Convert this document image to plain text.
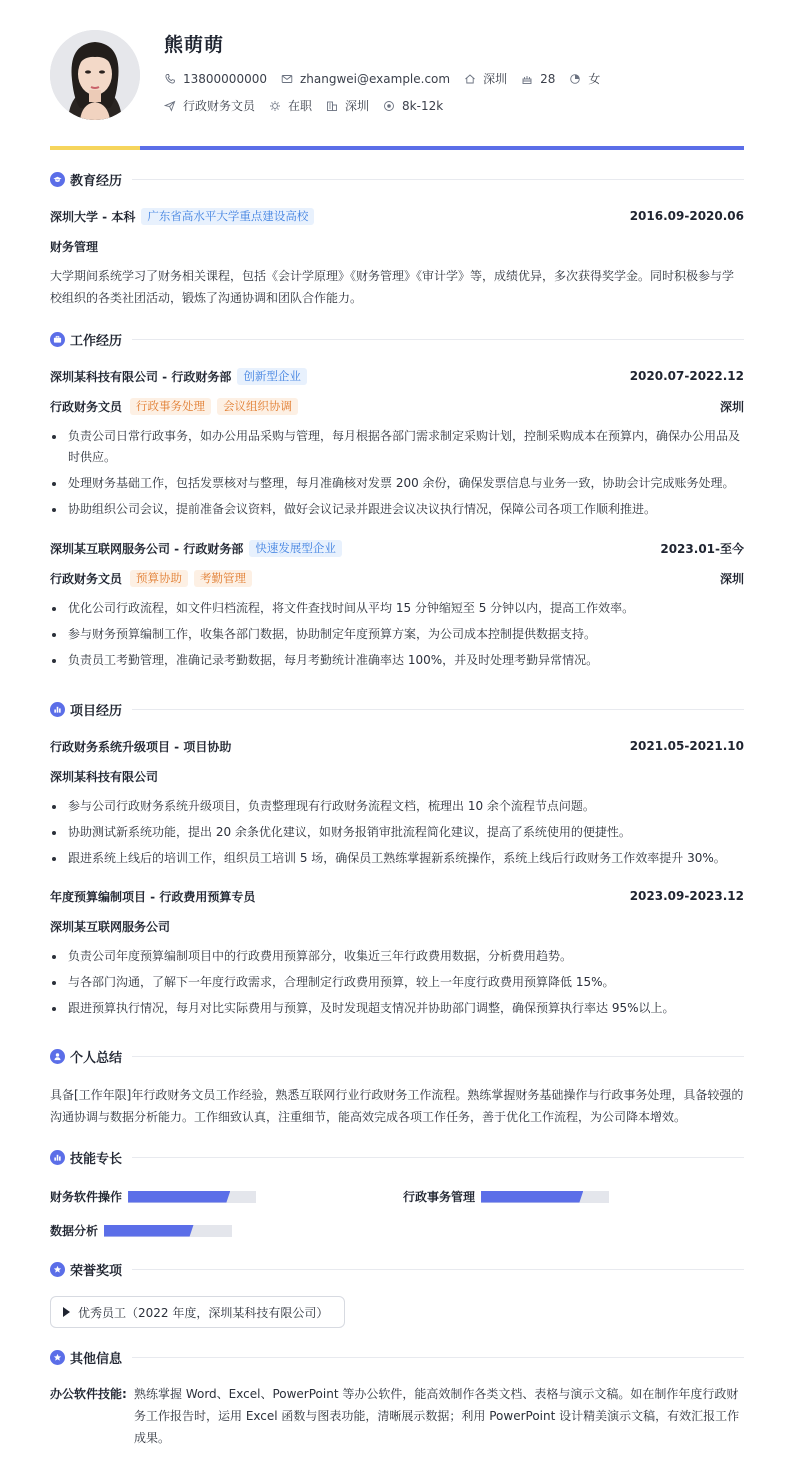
熊萌萌
13800000000	zhangwei@example.com	深圳	28	女
行政财务文员	在职	深圳	8k-12k
教育经历
深圳大学 - 本科	广东省高水平大学重点建设高校	2016.09-2020.06
财务管理
大学期间系统学习了财务相关课程，包括《会计学原理》《财务管理》《审计学》等，成绩优异，多次获得奖学金。同时积极参与学校组织的各类社团活动，锻炼了沟通协调和团队合作能力。
工作经历
深圳某科技有限公司 - 行政财务部	创新型企业	2020.07-2022.12
行政财务文员	行政事务处理	会议组织协调	深圳
负责公司日常行政事务，如办公用品采购与管理，每月根据各部门需求制定采购计划，控制采购成本在预算内，确保办公用品及时供应。
处理财务基础工作，包括发票核对与整理，每月准确核对发票 200 余份，确保发票信息与业务一致，协助会计完成账务处理。
协助组织公司会议，提前准备会议资料，做好会议记录并跟进会议决议执行情况，保障公司各项工作顺利推进。
深圳某互联网服务公司 - 行政财务部	快速发展型企业	2023.01-至今
行政财务文员	预算协助	考勤管理	深圳
优化公司行政流程，如文件归档流程，将文件查找时间从平均 15 分钟缩短至 5 分钟以内，提高工作效率。
参与财务预算编制工作，收集各部门数据，协助制定年度预算方案，为公司成本控制提供数据支持。
负责员工考勤管理，准确记录考勤数据，每月考勤统计准确率达 100%，并及时处理考勤异常情况。
项目经历
行政财务系统升级项目 - 项目协助	2021.05-2021.10
深圳某科技有限公司
参与公司行政财务系统升级项目，负责整理现有行政财务流程文档，梳理出 10 余个流程节点问题。
协助测试新系统功能，提出 20 余条优化建议，如财务报销审批流程简化建议，提高了系统使用的便捷性。
跟进系统上线后的培训工作，组织员工培训 5 场，确保员工熟练掌握新系统操作，系统上线后行政财务工作效率提升 30%。
年度预算编制项目 - 行政费用预算专员	2023.09-2023.12
深圳某互联网服务公司
负责公司年度预算编制项目中的行政费用预算部分，收集近三年行政费用数据，分析费用趋势。
与各部门沟通，了解下一年度行政需求，合理制定行政费用预算，较上一年度行政费用预算降低 15%。
跟进预算执行情况，每月对比实际费用与预算，及时发现超支情况并协助部门调整，确保预算执行率达 95%以上。
个人总结
具备[工作年限]年行政财务文员工作经验，熟悉互联网行业行政财务工作流程。熟练掌握财务基础操作与行政事务处理，具备较强的沟通协调与数据分析能力。工作细致认真，注重细节，能高效完成各项工作任务，善于优化工作流程，为公司降本增效。
技能专长
财务软件操作	行政事务管理
数据分析
荣誉奖项
优秀员工（2022 年度，深圳某科技有限公司）
其他信息
办公软件技能: 熟练掌握 Word、Excel、PowerPoint 等办公软件，能高效制作各类文档、表格与演示文稿。如在制作年度行政财务工作报告时，运用 Excel 函数与图表功能，清晰展示数据；利用 PowerPoint 设计精美演示文稿，有效汇报工作成果。
